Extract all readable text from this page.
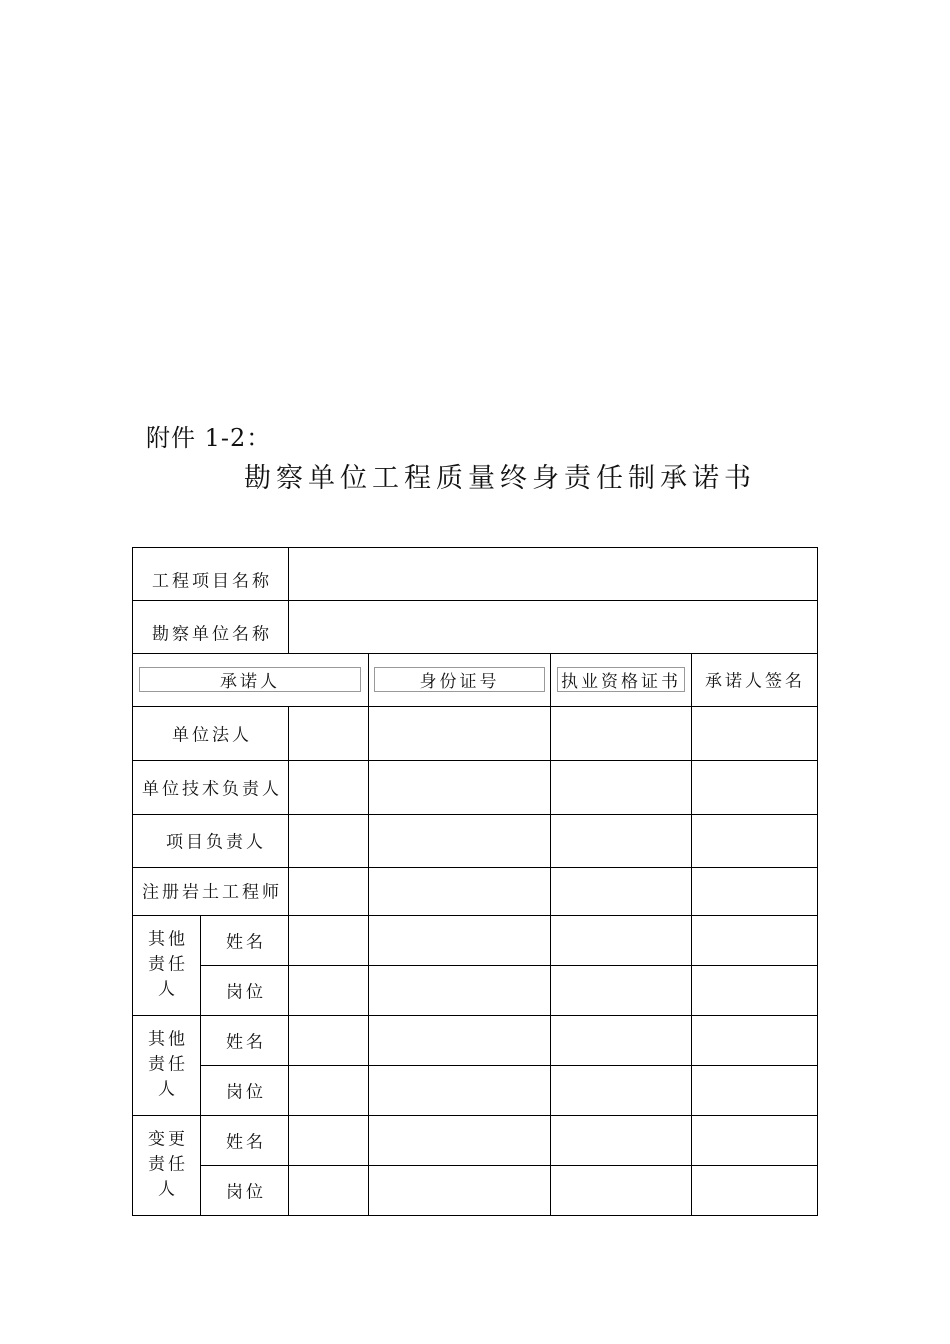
附件 1-2：
勘察单位工程质量终身责任制承诺书
工程项目名称
勘察单位名称
承诺人	身份证号	执业资格证书 承诺人签名
单位法人
单位技术负责人
项目负责人
注册岩土工程师
其他
责任
人
姓名
岗位
其他
责任
人
姓名
岗位
变更
责任
人
姓名
岗位
